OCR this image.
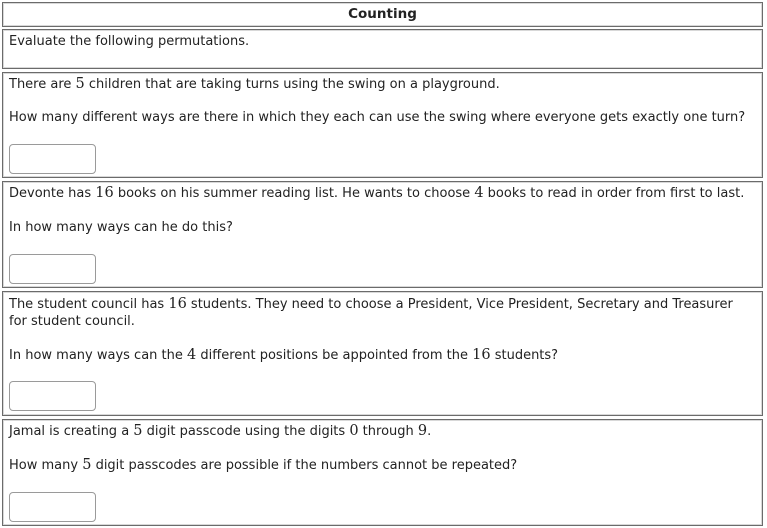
Counting
Evaluate the following permutations.
There are 5 children that are taking turns using the swing on a playground.
How many different ways are there in which they each can use the swing where everyone gets exactly one turn?
Devonte has 16 books on his summer reading list. He wants to choose 4 books to read in order from first to last.
In how many ways can he do this?
The student council has 16 students. They need to choose a President, Vice President, Secretary and Treasurer for student council.
In how many ways can the 4 different positions be appointed from the 16 students?
Jamal is creating a 5 digit passcode using the digits 0 through 9.
How many 5 digit passcodes are possible if the numbers cannot be repeated?
